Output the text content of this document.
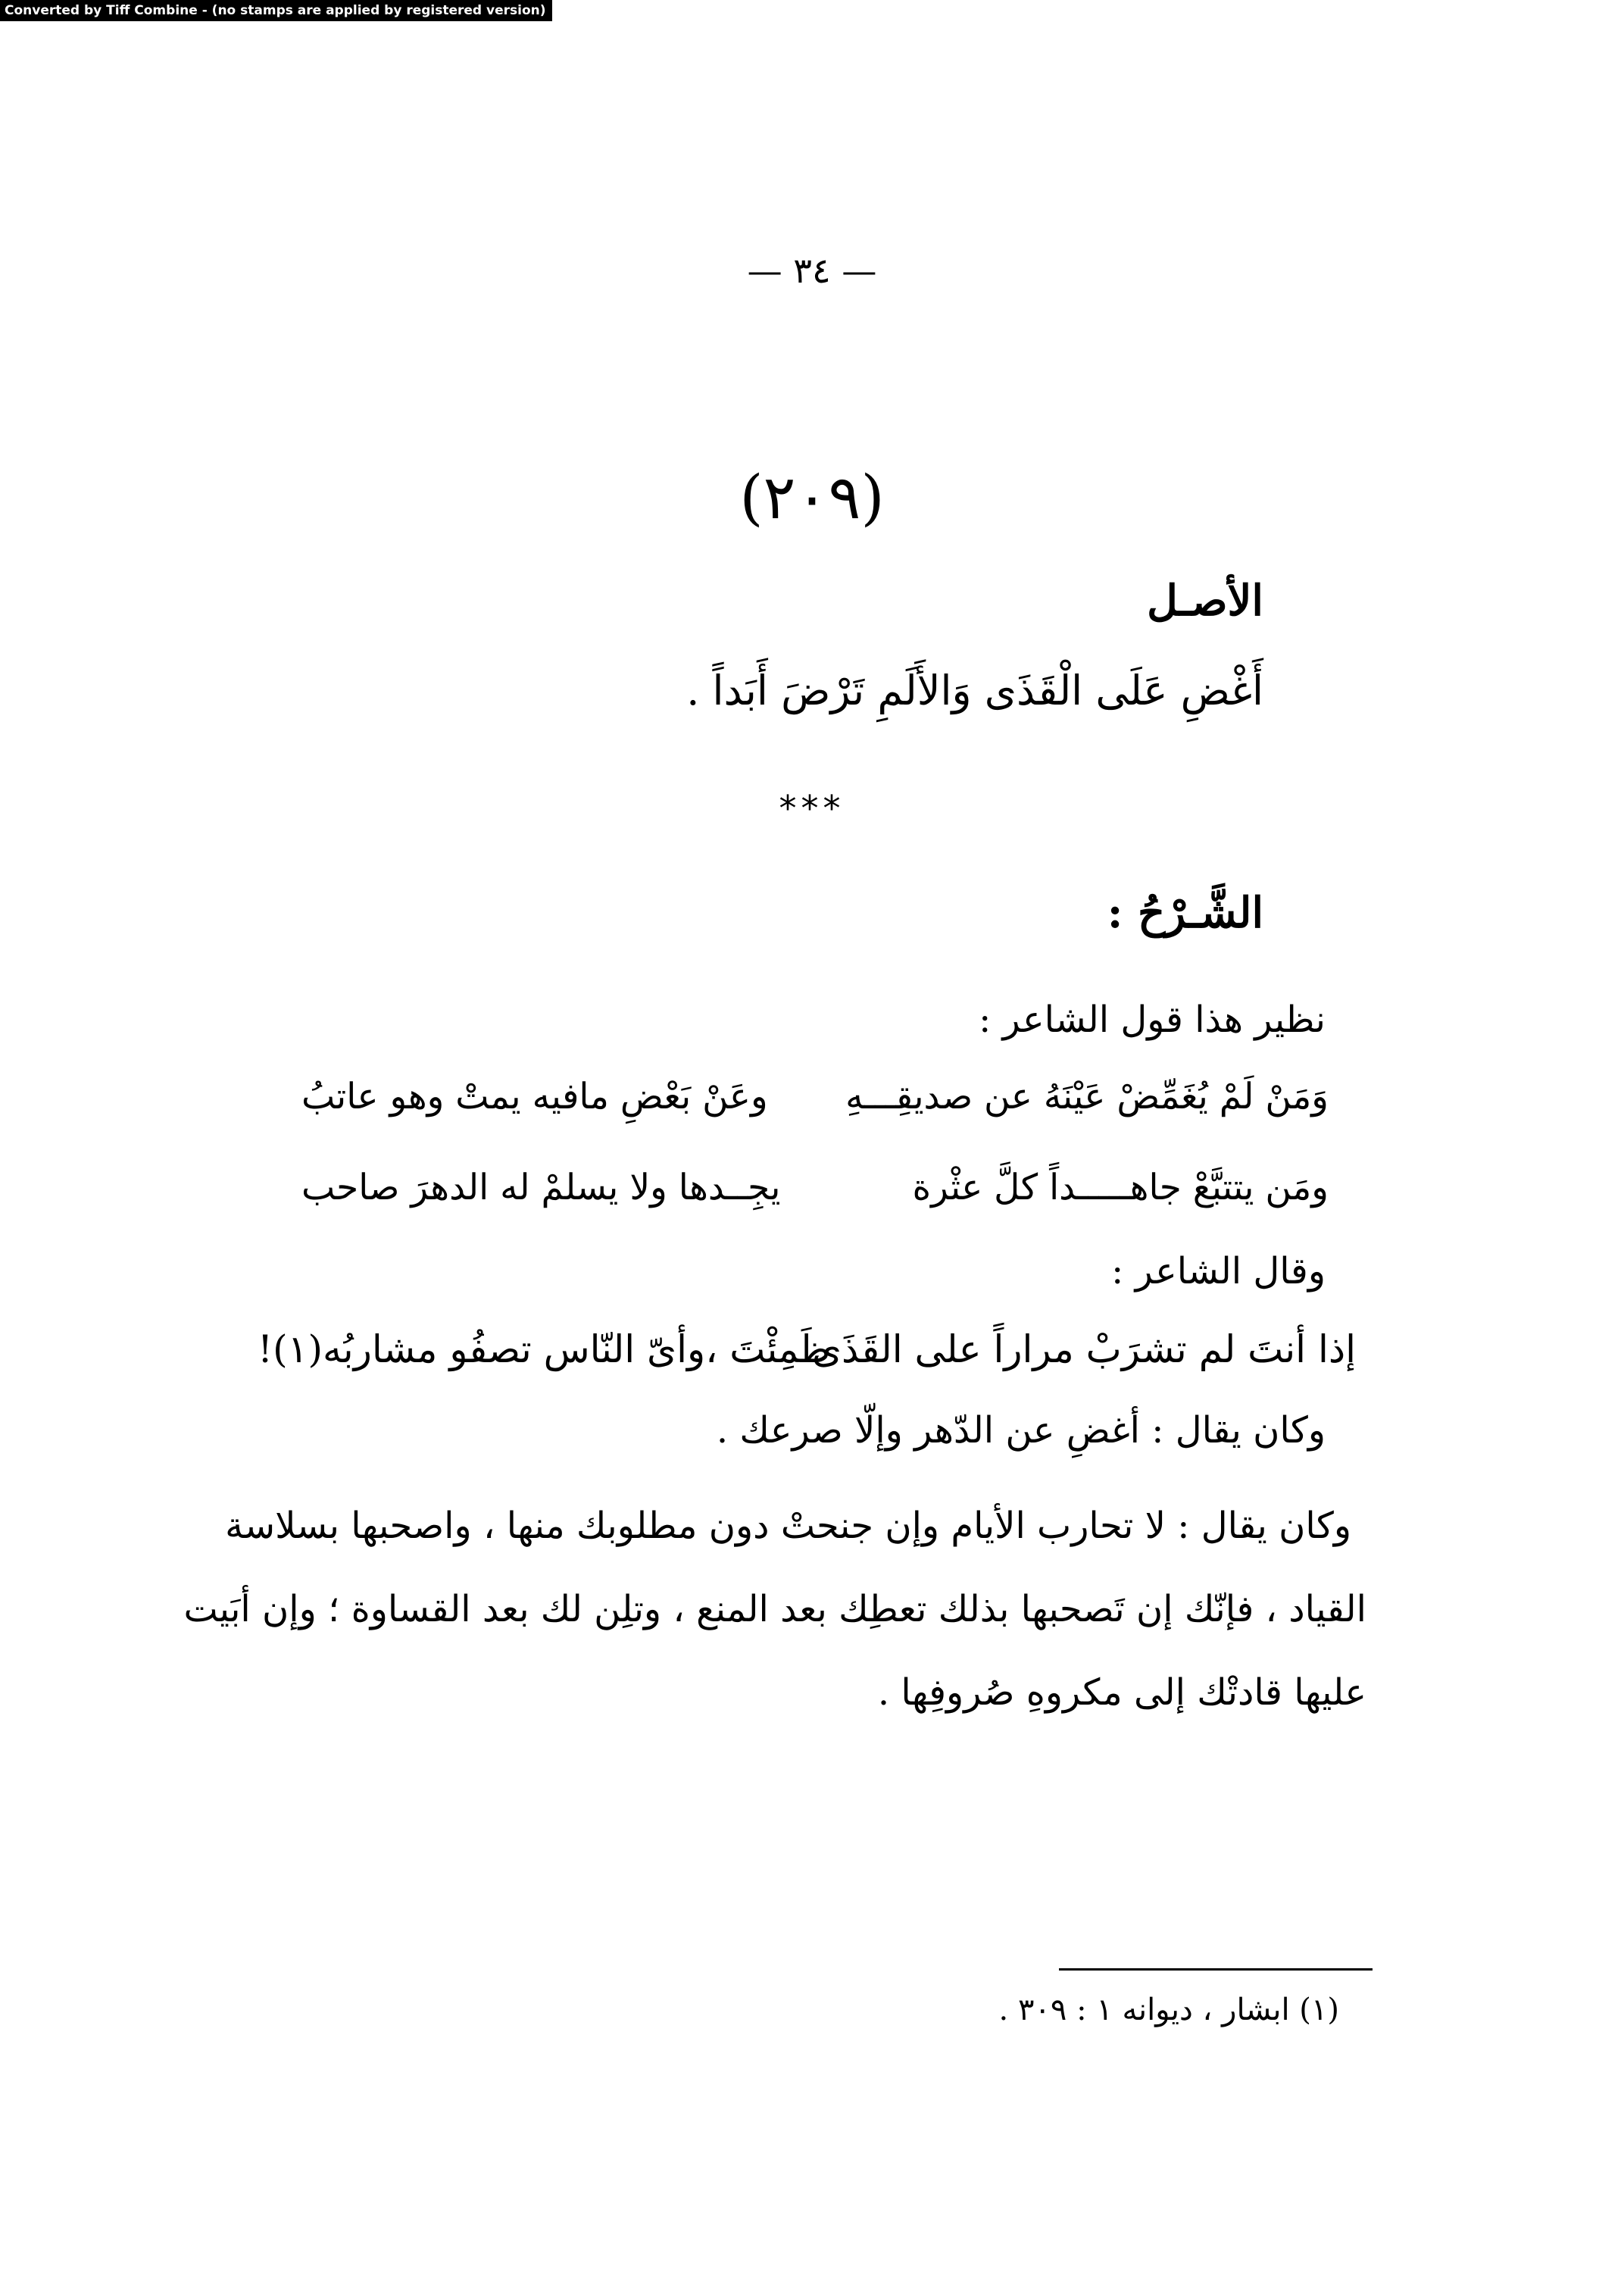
Converted by Tiff Combine - (no stamps are applied by registered version)
— ٣٤ —
(٢٠٩)
الأصـل
أَغْضِ عَلَى الْقَذَى وَالأَلَمِ تَرْضَ أَبَداً .
***
الشَّـرْحُ :
نظير هذا قول الشاعر :
وَمَنْ لَمْ يُغَمِّضْ عَيْنَهُ عن صديقِـــهِ
وعَنْ بَعْضِ مافيه يمتْ وهو عاتبُ
ومَن يتتبَّعْ جاهـــــداً كلَّ عثْرة
يجِــدها ولا يسلمْ له الدهرَ صاحب
وقال الشاعر :
إذا أنتَ لم تشرَبْ مراراً على القَذَى
ظَمِئْتَ ،وأىّ النّاس تصفُو مشاربُه(١)!
وكان يقال : أغضِ عن الدّهر وإلّا صرعك .
وكان يقال : لا تحارب الأيام وإن جنحتْ دون مطلوبك منها ، واصحبها بسلاسة
القياد ، فإنّك إن تَصحبها بذلك تعطِك بعد المنع ، وتلِن لك بعد القساوة ؛ وإن أبَيت
عليها قادتْك إلى مكروهِ صُروفِها .
(١) ابشار ، ديوانه ١ : ٣٠٩ .
